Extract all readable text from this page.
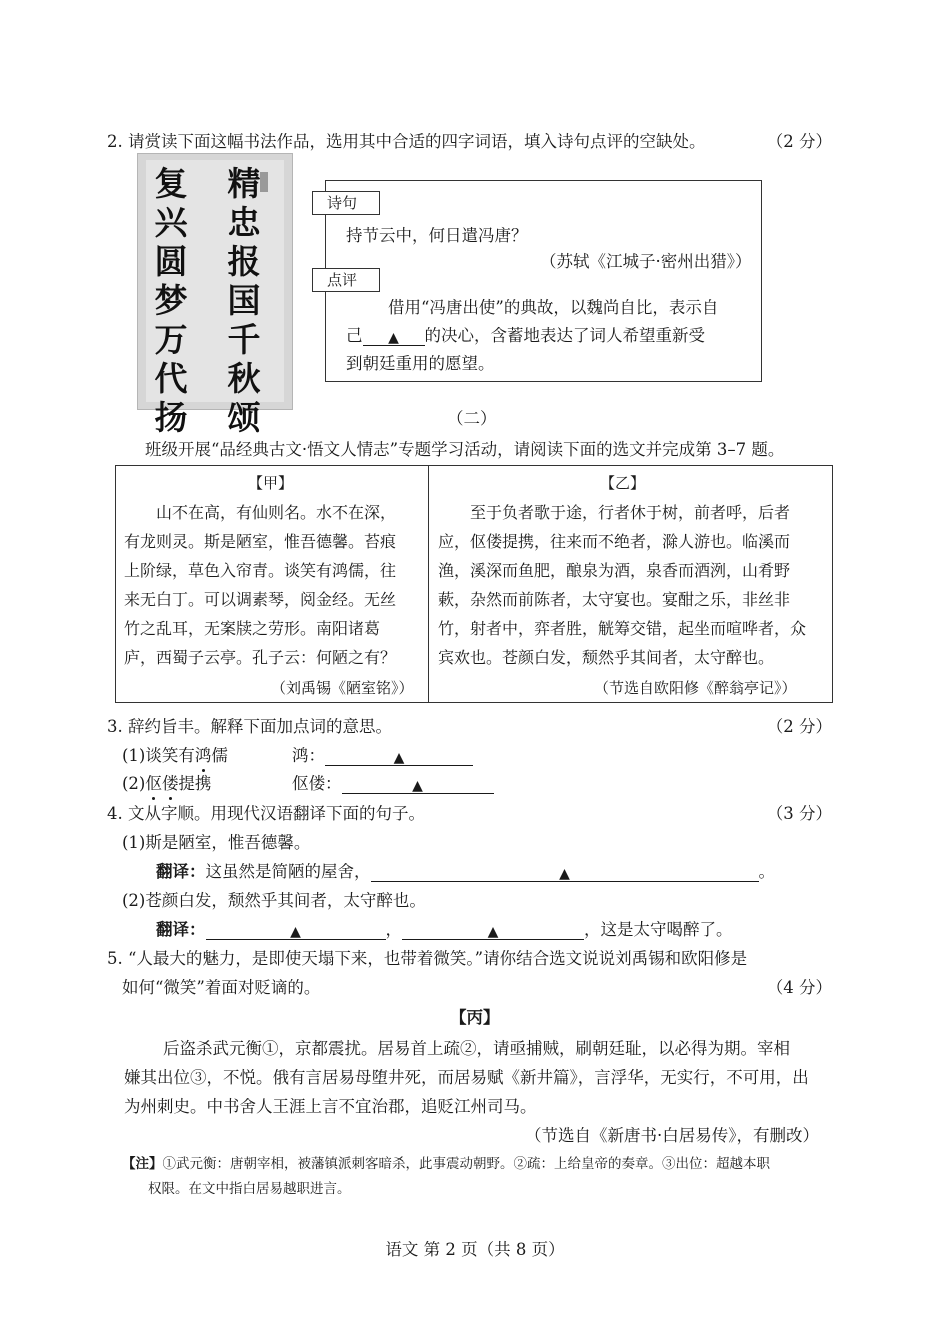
2. 请赏读下面这幅书法作品，选用其中合适的四字词语，填入诗句点评的空缺处。	（2 分）
精
忠
报
国
千
秋
颂
复
兴
圆
梦
万
代
扬
诗句
持节云中，何日遣冯唐？
（苏轼《江城子·密州出猎》）
点评
借用“冯唐出使”的典故，以魏尚自比，表示自
己 ▲ 的决心，含蓄地表达了词人希望重新受
到朝廷重用的愿望。
（二）
班级开展“品经典古文·悟文人情志”专题学习活动，请阅读下面的选文并完成第 3–7 题。
【甲】	【乙】
山不在高，有仙则名。水不在深，
有龙则灵。斯是陋室，惟吾德馨。苔痕
上阶绿，草色入帘青。谈笑有鸿儒，往
来无白丁。可以调素琴，阅金经。无丝
竹之乱耳，无案牍之劳形。南阳诸葛
庐，西蜀子云亭。孔子云：何陋之有？
（刘禹锡《陋室铭》）
至于负者歌于途，行者休于树，前者呼，后者
应，伛偻提携，往来而不绝者，滁人游也。临溪而
渔，溪深而鱼肥，酿泉为酒，泉香而酒洌，山肴野
蔌，杂然而前陈者，太守宴也。宴酣之乐，非丝非
竹，射者中，弈者胜，觥筹交错，起坐而喧哗者，众
宾欢也。苍颜白发，颓然乎其间者，太守醉也。
（节选自欧阳修《醉翁亭记》）
3. 辞约旨丰。解释下面加点词的意思。	（2 分）
(1)谈笑有鸿儒	鸿：	▲
(2)伛偻提携	伛偻：	▲
4. 文从字顺。用现代汉语翻译下面的句子。	（3 分）
(1)斯是陋室，惟吾德馨。
翻译：这虽然是简陋的屋舍，	▲	。
(2)苍颜白发，颓然乎其间者，太守醉也。
翻译：	▲	，	▲	，这是太守喝醉了。
5. “人最大的魅力，是即使天塌下来，也带着微笑。”请你结合选文说说刘禹锡和欧阳修是
如何“微笑”着面对贬谪的。	（4 分）
【丙】
后盗杀武元衡①，京都震扰。居易首上疏②，请亟捕贼，刷朝廷耻，以必得为期。宰相
嫌其出位③，不悦。俄有言居易母堕井死，而居易赋《新井篇》，言浮华，无实行，不可用，出
为州刺史。中书舍人王涯上言不宜治郡，追贬江州司马。
（节选自《新唐书·白居易传》，有删改）
【注】①武元衡：唐朝宰相，被藩镇派刺客暗杀，此事震动朝野。②疏：上给皇帝的奏章。③出位：超越本职
权限。在文中指白居易越职进言。
语文 第 2 页（共 8 页）
